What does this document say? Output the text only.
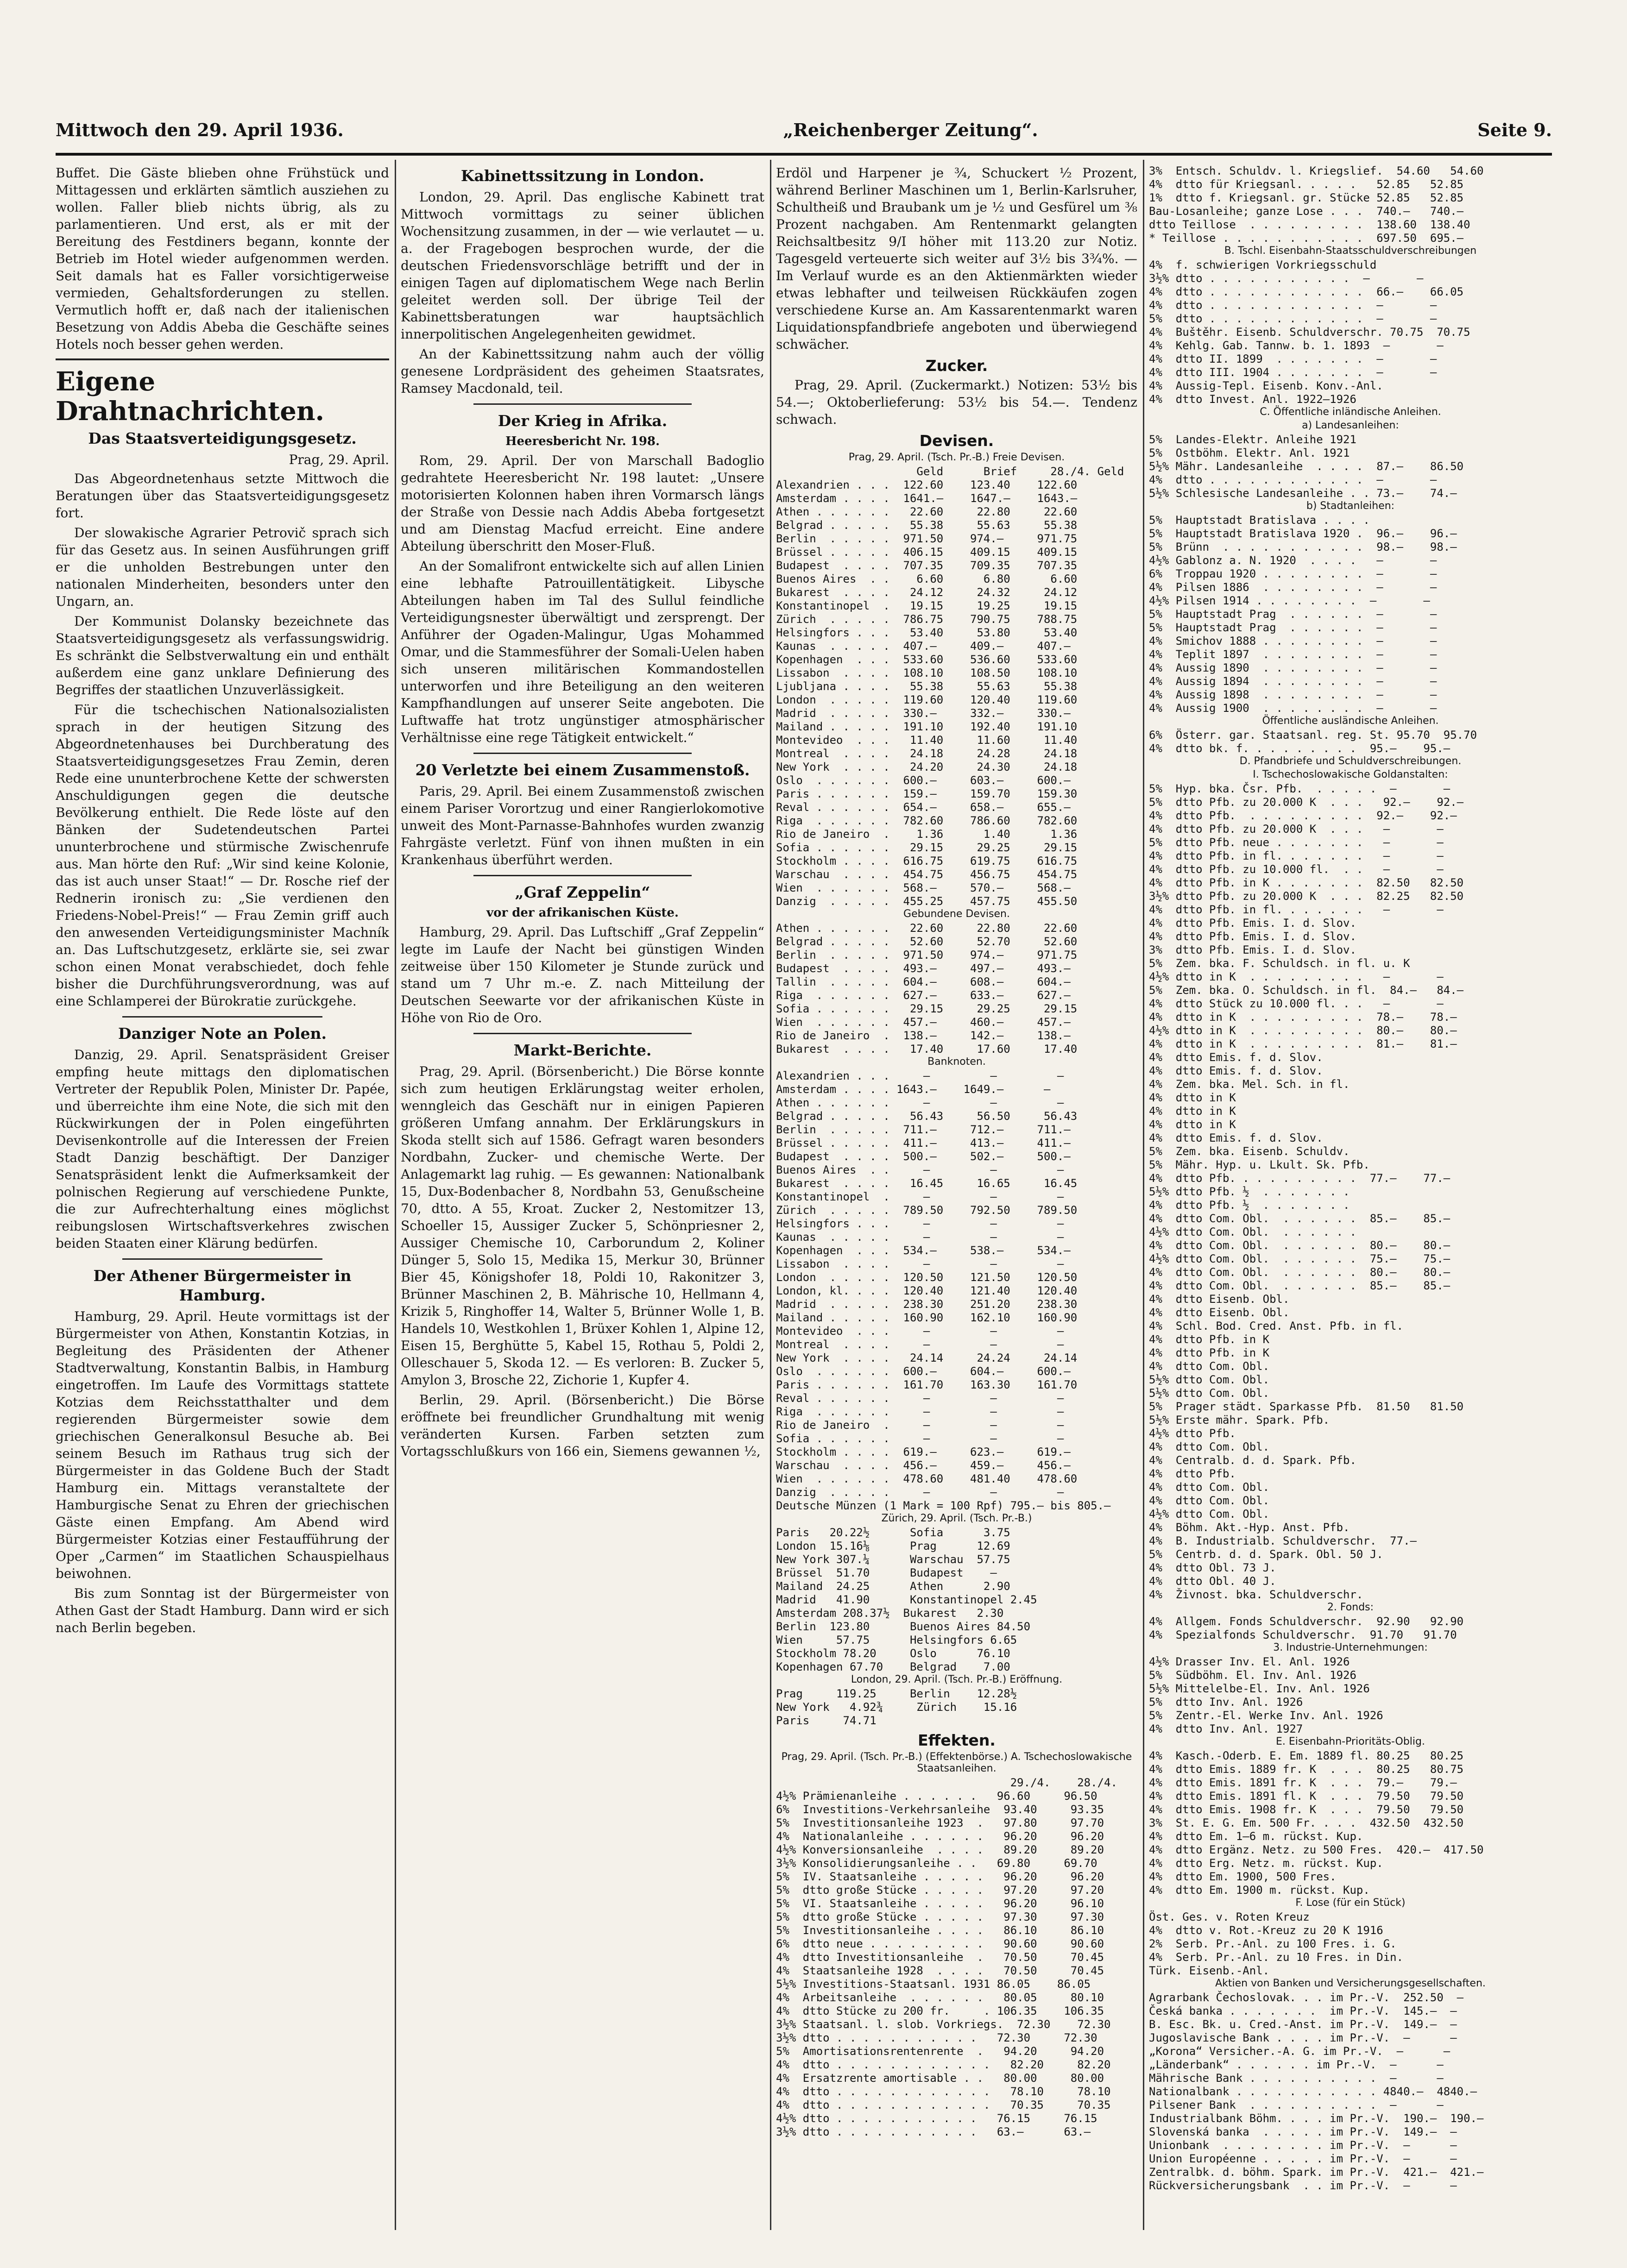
Mittwoch den 29. April 1936.	„Reichenberger Zeitung“.	Seite 9.

Buffet. Die Gäste blieben ohne Frühstück und Mittagessen und erklärten sämtlich ausziehen zu wollen. Faller blieb nichts übrig, als zu parlamentieren. Und erst, als er mit der Bereitung des Festdiners begann, konnte der Betrieb im Hotel wieder aufgenommen werden. Seit damals hat es Faller vorsichtigerweise vermieden, Gehaltsforderungen zu stellen. Vermutlich hofft er, daß nach der italienischen Besetzung von Addis Abeba die Geschäfte seines Hotels noch besser gehen werden.

Eigene Drahtnachrichten.
Das Staatsverteidigungsgesetz.
Prag, 29. April.

Das Abgeordnetenhaus setzte Mittwoch die Beratungen über das Staatsverteidigungsgesetz fort.

Der slowakische Agrarier Petrovič sprach sich für das Gesetz aus. In seinen Ausführungen griff er die unholden Bestrebungen unter den nationalen Minderheiten, besonders unter den Ungarn, an.

Der Kommunist Dolansky bezeichnete das Staatsverteidigungsgesetz als verfassungswidrig. Es schränkt die Selbstverwaltung ein und enthält außerdem eine ganz unklare Definierung des Begriffes der staatlichen Unzuverlässigkeit.

Für die tschechischen Nationalsozialisten sprach in der heutigen Sitzung des Abgeordnetenhauses bei Durchberatung des Staatsverteidigungsgesetzes Frau Zemin, deren Rede eine ununterbrochene Kette der schwersten Anschuldigungen gegen die deutsche Bevölkerung enthielt. Die Rede löste auf den Bänken der Sudetendeutschen Partei ununterbrochene und stürmische Zwischenrufe aus. Man hörte den Ruf: „Wir sind keine Kolonie, das ist auch unser Staat!“ — Dr. Rosche rief der Rednerin ironisch zu: „Sie verdienen den Friedens-Nobel-Preis!“ — Frau Zemin griff auch den anwesenden Verteidigungsminister Machník an. Das Luftschutzgesetz, erklärte sie, sei zwar schon einen Monat verabschiedet, doch fehle bisher die Durchführungsverordnung, was auf eine Schlamperei der Bürokratie zurückgehe.

Danziger Note an Polen.

Danzig, 29. April. Senatspräsident Greiser empfing heute mittags den diplomatischen Vertreter der Republik Polen, Minister Dr. Papée, und überreichte ihm eine Note, die sich mit den Rückwirkungen der in Polen eingeführten Devisenkontrolle auf die Interessen der Freien Stadt Danzig beschäftigt. Der Danziger Senatspräsident lenkt die Aufmerksamkeit der polnischen Regierung auf verschiedene Punkte, die zur Aufrechterhaltung eines möglichst reibungslosen Wirtschaftsverkehres zwischen beiden Staaten einer Klärung bedürfen.

Der Athener Bürgermeister in Hamburg.

Hamburg, 29. April. Heute vormittags ist der Bürgermeister von Athen, Konstantin Kotzias, in Begleitung des Präsidenten der Athener Stadtverwaltung, Konstantin Balbis, in Hamburg eingetroffen. Im Laufe des Vormittags stattete Kotzias dem Reichsstatthalter und dem regierenden Bürgermeister sowie dem griechischen Generalkonsul Besuche ab. Bei seinem Besuch im Rathaus trug sich der Bürgermeister in das Goldene Buch der Stadt Hamburg ein. Mittags veranstaltete der Hamburgische Senat zu Ehren der griechischen Gäste einen Empfang. Am Abend wird Bürgermeister Kotzias einer Festaufführung der Oper „Carmen“ im Staatlichen Schauspielhaus beiwohnen.

Bis zum Sonntag ist der Bürgermeister von Athen Gast der Stadt Hamburg. Dann wird er sich nach Berlin begeben.

Kabinettssitzung in London.

London, 29. April. Das englische Kabinett trat Mittwoch vormittags zu seiner üblichen Wochensitzung zusammen, in der — wie verlautet — u. a. der Fragebogen besprochen wurde, der die deutschen Friedensvorschläge betrifft und der in einigen Tagen auf diplomatischem Wege nach Berlin geleitet werden soll. Der übrige Teil der Kabinettsberatungen war hauptsächlich innerpolitischen Angelegenheiten gewidmet.

An der Kabinettssitzung nahm auch der völlig genesene Lordpräsident des geheimen Staatsrates, Ramsey Macdonald, teil.

Der Krieg in Afrika.
Heeresbericht Nr. 198.

Rom, 29. April. Der von Marschall Badoglio gedrahtete Heeresbericht Nr. 198 lautet: „Unsere motorisierten Kolonnen haben ihren Vormarsch längs der Straße von Dessie nach Addis Abeba fortgesetzt und am Dienstag Macfud erreicht. Eine andere Abteilung überschritt den Moser-Fluß.

An der Somalifront entwickelte sich auf allen Linien eine lebhafte Patrouillentätigkeit. Libysche Abteilungen haben im Tal des Sullul feindliche Verteidigungsnester überwältigt und zersprengt. Der Anführer der Ogaden-Malingur, Ugas Mohammed Omar, und die Stammesführer der Somali-Uelen haben sich unseren militärischen Kommandostellen unterworfen und ihre Beteiligung an den weiteren Kampfhandlungen auf unserer Seite angeboten. Die Luftwaffe hat trotz ungünstiger atmosphärischer Verhältnisse eine rege Tätigkeit entwickelt.“

20 Verletzte bei einem Zusammenstoß.

Paris, 29. April. Bei einem Zusammenstoß zwischen einem Pariser Vorortzug und einer Rangierlokomotive unweit des Mont-Parnasse-Bahnhofes wurden zwanzig Fahrgäste verletzt. Fünf von ihnen mußten in ein Krankenhaus überführt werden.

„Graf Zeppelin“
vor der afrikanischen Küste.

Hamburg, 29. April. Das Luftschiff „Graf Zeppelin“ legte im Laufe der Nacht bei günstigen Winden zeitweise über 150 Kilometer je Stunde zurück und stand um 7 Uhr m.-e. Z. nach Mitteilung der Deutschen Seewarte vor der afrikanischen Küste in Höhe von Rio de Oro.

Markt-Berichte.

Prag, 29. April. (Börsenbericht.) Die Börse konnte sich zum heutigen Erklärungstag weiter erholen, wenngleich das Geschäft nur in einigen Papieren größeren Umfang annahm. Der Erklärungskurs in Skoda stellt sich auf 1586. Gefragt waren besonders Nordbahn, Zucker- und chemische Werte. Der Anlagemarkt lag ruhig. — Es gewannen: Nationalbank 15, Dux-Bodenbacher 8, Nordbahn 53, Genußscheine 70, dtto. A 55, Kroat. Zucker 2, Nestomitzer 13, Schoeller 15, Aussiger Zucker 5, Schönpriesner 2, Aussiger Chemische 10, Carborundum 2, Koliner Dünger 5, Solo 15, Medika 15, Merkur 30, Brünner Bier 45, Königshofer 18, Poldi 10, Rakonitzer 3, Brünner Maschinen 2, B. Mährische 10, Hellmann 4, Krizik 5, Ringhoffer 14, Walter 5, Brünner Wolle 1, B. Handels 10, Westkohlen 1, Brüxer Kohlen 1, Alpine 12, Eisen 15, Berghütte 5, Kabel 15, Rothau 5, Poldi 2, Olleschauer 5, Skoda 12. — Es verloren: B. Zucker 5, Amylon 3, Brosche 22, Zichorie 1, Kupfer 4.

Berlin, 29. April. (Börsenbericht.) Die Börse eröffnete bei freundlicher Grundhaltung mit wenig veränderten Kursen. Farben setzten zum Vortagsschlußkurs von 166 ein, Siemens gewannen ½,

Erdöl und Harpener je ¾, Schuckert ½ Prozent, während Berliner Maschinen um 1, Berlin-Karlsruher, Schultheiß und Braubank um je ½ und Gesfürel um ⅜ Prozent nachgaben. Am Rentenmarkt gelangten Reichsaltbesitz 9/I höher mit 113.20 zur Notiz. Tagesgeld verteuerte sich weiter auf 3½ bis 3¾%. — Im Verlauf wurde es an den Aktienmärkten wieder etwas lebhafter und teilweisen Rückkäufen zogen verschiedene Kurse an. Am Kassarentenmarkt waren Liquidationspfandbriefe angeboten und überwiegend schwächer.

Zucker.

Prag, 29. April. (Zuckermarkt.) Notizen: 53½ bis 54.—; Oktoberlieferung: 53½ bis 54.—. Tendenz schwach.

Devisen.
Prag, 29. April. (Tsch. Pr.-B.) Freie Devisen.
Geld      Brief     28./4. Geld
Alexandrien . . .  122.60    123.40    122.60
Amsterdam . . . .  1641.—    1647.—    1643.—
Athen . . . . . .   22.60     22.80     22.60
Belgrad . . . . .   55.38     55.63     55.38
Berlin  . . . . .  971.50    974.—     971.75
Brüssel . . . . .  406.15    409.15    409.15
Budapest  . . . .  707.35    709.35    707.35
Buenos Aires  . .    6.60      6.80      6.60
Bukarest  . . . .   24.12     24.32     24.12
Konstantinopel  .   19.15     19.25     19.15
Zürich  . . . . .  786.75    790.75    788.75
Helsingfors . . .   53.40     53.80     53.40
Kaunas  . . . . .  407.—     409.—     407.—
Kopenhagen  . . .  533.60    536.60    533.60
Lissabon  . . . .  108.10    108.50    108.10
Ljubljana . . . .   55.38     55.63     55.38
London  . . . . .  119.60    120.40    119.60
Madrid  . . . . .  330.—     332.—     330.—
Mailand . . . . .  191.10    192.40    191.10
Montevideo  . . .   11.40     11.60     11.40
Montreal  . . . .   24.18     24.28     24.18
New York  . . . .   24.20     24.30     24.18
Oslo  . . . . . .  600.—     603.—     600.—
Paris . . . . . .  159.—     159.70    159.30
Reval . . . . . .  654.—     658.—     655.—
Riga  . . . . . .  782.60    786.60    782.60
Rio de Janeiro  .    1.36      1.40      1.36
Sofia . . . . . .   29.15     29.25     29.15
Stockholm . . . .  616.75    619.75    616.75
Warschau  . . . .  454.75    456.75    454.75
Wien  . . . . . .  568.—     570.—     568.—
Danzig  . . . . .  455.25    457.75    455.50
Gebundene Devisen.
Athen . . . . . .   22.60     22.80     22.60
Belgrad . . . . .   52.60     52.70     52.60
Berlin  . . . . .  971.50    974.—     971.75
Budapest  . . . .  493.—     497.—     493.—
Tallin  . . . . .  604.—     608.—     604.—
Riga  . . . . . .  627.—     633.—     627.—
Sofia . . . . . .   29.15     29.25     29.15
Wien  . . . . . .  457.—     460.—     457.—
Rio de Janeiro  .  138.—     142.—     138.—
Bukarest  . . . .   17.40     17.60     17.40
Banknoten.
Alexandrien . . .     —         —         —
Amsterdam . . . . 1643.—    1649.—      —
Athen . . . . . .     —         —         —
Belgrad . . . . .   56.43     56.50     56.43
Berlin  . . . . .  711.—     712.—     711.—
Brüssel . . . . .  411.—     413.—     411.—
Budapest  . . . .  500.—     502.—     500.—
Buenos Aires  . .     —         —         —
Bukarest  . . . .   16.45     16.65     16.45
Konstantinopel  .     —         —         —
Zürich  . . . . .  789.50    792.50    789.50
Helsingfors . . .     —         —         —
Kaunas  . . . . .     —         —         —
Kopenhagen  . . .  534.—     538.—     534.—
Lissabon  . . . .     —         —         —
London  . . . . .  120.50    121.50    120.50
London, kl. . . .  120.40    121.40    120.40
Madrid  . . . . .  238.30    251.20    238.30
Mailand . . . . .  160.90    162.10    160.90
Montevideo  . . .     —         —         —
Montreal  . . . .     —         —         —
New York  . . . .   24.14     24.24     24.14
Oslo  . . . . . .  600.—     604.—     600.—
Paris . . . . . .  161.70    163.30    161.70
Reval . . . . . .     —         —         —
Riga  . . . . . .     —         —         —
Rio de Janeiro  .     —         —         —
Sofia . . . . . .     —         —         —
Stockholm . . . .  619.—     623.—     619.—
Warschau  . . . .  456.—     459.—     456.—
Wien  . . . . . .  478.60    481.40    478.60
Danzig  . . . . .     —         —         —
Deutsche Münzen (1 Mark = 100 Rpf) 795.— bis 805.—
Zürich, 29. April. (Tsch. Pr.-B.)
Paris   20.22½      Sofia      3.75
London  15.16⅛      Prag      12.69
New York 307.¼      Warschau  57.75
Brüssel  51.70      Budapest    —
Mailand  24.25      Athen      2.90
Madrid   41.90      Konstantinopel 2.45
Amsterdam 208.37½  Bukarest   2.30
Berlin  123.80      Buenos Aires 84.50
Wien     57.75      Helsingfors 6.65
Stockholm 78.20     Oslo      76.10
Kopenhagen 67.70    Belgrad    7.00
London, 29. April. (Tsch. Pr.-B.) Eröffnung.
Prag     119.25     Berlin    12.28½
New York   4.92¾     Zürich    15.16
Paris     74.71
Effekten.
Prag, 29. April. (Tsch. Pr.-B.) (Effektenbörse.) A. Tschechoslowakische Staatsanleihen.
29./4.    28./4.
4½% Prämienanleihe . . . . . .   96.60     96.50
6%  Investitions-Verkehrsanleihe  93.40     93.35
5%  Investitionsanleihe 1923  .   97.80     97.70
4%  Nationalanleihe . . . . . .   96.20     96.20
4½% Konversionsanleihe  . . . .   89.20     89.20
3½% Konsolidierungsanleihe . .   69.80     69.70
5%  IV. Staatsanleihe . . . . .   96.20     96.20
5%  dtto große Stücke . . . . .   97.20     97.20
5%  VI. Staatsanleihe . . . . .   96.20     96.10
5%  dtto große Stücke . . . . .   97.30     97.30
5%  Investitionsanleihe . . . .   86.10     86.10
6%  dtto neue . . . . . . . . .   90.60     90.60
4%  dtto Investitionsanleihe  .   70.50     70.45
4%  Staatsanleihe 1928  . . . .   70.50     70.45
5½% Investitions-Staatsanl. 1931 86.05    86.05
4%  Arbeitsanleihe  . . . . . .   80.05     80.10
4%  dtto Stücke zu 200 fr.     . 106.35    106.35
3½% Staatsanl. l. slob. Vorkriegs.  72.30    72.30
3½% dtto . . . . . . . . . . .   72.30     72.30
5%  Amortisationsrentenrente  .   94.20     94.20
4%  dtto . . . . . . . . . . . .   82.20     82.20
4%  Ersatzrente amortisable . .   80.00     80.00
4%  dtto . . . . . . . . . . . .   78.10     78.10
4%  dtto . . . . . . . . . . . .   70.35     70.35
4½% dtto . . . . . . . . . . .   76.15     76.15
3½% dtto . . . . . . . . . . .   63.—      63.—
3%  Entsch. Schuldv. l. Kriegslief.  54.60   54.60
4%  dtto für Kriegsanl. . . . .   52.85   52.85
1%  dtto f. Kriegsanl. gr. Stücke 52.85   52.85
Bau-Losanleihe; ganze Lose . . .  740.—   740.—
dtto Teillose  . . . . . . . . .  138.60  138.40
* Teillose . . . . . . . . . . .  697.50  695.—
B. Tschl. Eisenbahn-Staatsschuldverschreibungen
4%  f. schwierigen Vorkriegsschuld
3½% dtto . . . . . . . . . . .  —       —
4%  dtto . . . . . . . . . . . .  66.—    66.05
4%  dtto . . . . . . . . . . . .  —       —
5%  dtto . . . . . . . . . . . .  —       —
4%  Buštěhr. Eisenb. Schuldverschr. 70.75  70.75
4%  Kehlg. Gab. Tannw. b. 1. 1893  —       —
4%  dtto II. 1899  . . . . . . .  —       —
4%  dtto III. 1904 . . . . . . .  —       —
4%  Aussig-Tepl. Eisenb. Konv.-Anl.
4%  dtto Invest. Anl. 1922—1926
C. Öffentliche inländische Anleihen.
a) Landesanleihen:
5%  Landes-Elektr. Anleihe 1921
5%  Ostböhm. Elektr. Anl. 1921
5½% Mähr. Landesanleihe  . . . .  87.—    86.50
4%  dtto . . . . . . . . . . . .  —       —
5½% Schlesische Landesanleihe . . 73.—    74.—
b) Stadtanleihen:
5%  Hauptstadt Bratislava . . . .
5%  Hauptstadt Bratislava 1920 .  96.—    96.—
5%  Brünn  . . . . . . . . . . .  98.—    98.—
4½% Gablonz a. N. 1920  . . . .   —       —
6%  Troppau 1920 . . . . . . . .  —       —
4%  Pilsen 1886  . . . . . . . .  —       —
4½% Pilsen 1914 . . . . . . . .  —       —
5%  Hauptstadt Prag  . . . . . .  —       —
5%  Hauptstadt Prag  . . . . . .  —       —
4%  Smichov 1888 . . . . . . . .  —       —
4%  Teplit 1897  . . . . . . . .  —       —
4%  Aussig 1890  . . . . . . . .  —       —
4%  Aussig 1894  . . . . . . . .  —       —
4%  Aussig 1898  . . . . . . . .  —       —
4%  Aussig 1900  . . . . . . . .  —       —
Öffentliche ausländische Anleihen.
6%  Österr. gar. Staatsanl. reg. St. 95.70  95.70
4%  dtto bk. f. . . . . . . . .  95.—    95.—
D. Pfandbriefe und Schuldverschreibungen.
I. Tschechoslowakische Goldanstalten:
5%  Hyp. bka. Čsr. Pfb.  . . . . .  —       —
5%  dtto Pfb. zu 20.000 K  . . .   92.—    92.—
4%  dtto Pfb.  . . . . . . . . .  92.—    92.—
4%  dtto Pfb. zu 20.000 K  . . .   —       —
5%  dtto Pfb. neue . . . . . . .   —       —
4%  dtto Pfb. in fl. . . . . . .   —       —
4%  dtto Pfb. zu 10.000 fl.  . .   —       —
4%  dtto Pfb. in K . . . . . . .  82.50   82.50
3½% dtto Pfb. zu 20.000 K  . . .  82.25   82.50
4%  dtto Pfb. in fl. . . . . . .   —       —
4%  dtto Pfb. Emis. I. d. Slov.
4%  dtto Pfb. Emis. I. d. Slov.
3%  dtto Pfb. Emis. I. d. Slov.
5%  Zem. bka. F. Schuldsch. in fl. u. K
4½% dtto in K  . . . . . . . . .   —       —
5%  Zem. bka. O. Schuldsch. in fl.  84.—   84.—
4%  dtto Stück zu 10.000 fl. . .   —       —
4%  dtto in K  . . . . . . . . .  78.—    78.—
4½% dtto in K  . . . . . . . . .  80.—    80.—
4%  dtto in K  . . . . . . . . .  81.—    81.—
4%  dtto Emis. f. d. Slov.
4%  dtto Emis. f. d. Slov.
4%  Zem. bka. Mel. Sch. in fl.
4%  dtto in K
4%  dtto in K
4%  dtto in K
4%  dtto Emis. f. d. Slov.
5%  Zem. bka. Eisenb. Schuldv.
5%  Mähr. Hyp. u. Lkult. Sk. Pfb.
4%  dtto Pfb. . . . . . . . . .  77.—    77.—
5½% dtto Pfb. ½  . . . . . . .
4%  dtto Pfb. ½  . . . . . . .
4%  dtto Com. Obl.  . . . . . .  85.—    85.—
4½% dtto Com. Obl.  . . . . . .
4%  dtto Com. Obl.  . . . . . .  80.—    80.—
4½% dtto Com. Obl.  . . . . . .  75.—    75.—
4%  dtto Com. Obl.  . . . . . .  80.—    80.—
4%  dtto Com. Obl.  . . . . . .  85.—    85.—
4%  dtto Eisenb. Obl.
4%  dtto Eisenb. Obl.
4%  Schl. Bod. Cred. Anst. Pfb. in fl.
4%  dtto Pfb. in K
4%  dtto Pfb. in K
4%  dtto Com. Obl.
5½% dtto Com. Obl.
5½% dtto Com. Obl.
5%  Prager städt. Sparkasse Pfb.  81.50   81.50
5½% Erste mähr. Spark. Pfb.
4½% dtto Pfb.
4%  dtto Com. Obl.
4%  Centralb. d. d. Spark. Pfb.
4%  dtto Pfb.
4%  dtto Com. Obl.
4%  dtto Com. Obl.
4½% dtto Com. Obl.
4%  Böhm. Akt.-Hyp. Anst. Pfb.
4%  B. Industrialb. Schuldverschr.  77.—
5%  Centrb. d. d. Spark. Obl. 50 J.
4%  dtto Obl. 73 J.
4%  dtto Obl. 40 J.
4%  Živnost. bka. Schuldverschr.
2. Fonds:
4%  Allgem. Fonds Schuldverschr.  92.90   92.90
4%  Spezialfonds Schuldverschr.  91.70   91.70
3. Industrie-Unternehmungen:
4½% Drasser Inv. El. Anl. 1926
5%  Südböhm. El. Inv. Anl. 1926
5½% Mittelelbe-El. Inv. Anl. 1926
5%  dtto Inv. Anl. 1926
5%  Zentr.-El. Werke Inv. Anl. 1926
4%  dtto Inv. Anl. 1927
E. Eisenbahn-Prioritäts-Oblig.
4%  Kasch.-Oderb. E. Em. 1889 fl. 80.25   80.25
4%  dtto Emis. 1889 fr. K  . . .  80.25   80.75
4%  dtto Emis. 1891 fr. K  . . .  79.—    79.—
4%  dtto Emis. 1891 fl. K  . . .  79.50   79.50
4%  dtto Emis. 1908 fr. K  . . .  79.50   79.50
3%  St. E. G. Em. 500 Fr. . . .  432.50  432.50
4%  dtto Em. 1—6 m. rückst. Kup.
4%  dtto Ergänz. Netz. zu 500 Fres.  420.—  417.50
4%  dtto Erg. Netz. m. rückst. Kup.
4%  dtto Em. 1900, 500 Fres.
4%  dtto Em. 1900 m. rückst. Kup.
F. Lose (für ein Stück)
Öst. Ges. v. Roten Kreuz
4%  dtto v. Rot.-Kreuz zu 20 K 1916
2%  Serb. Pr.-Anl. zu 100 Fres. i. G.
4%  Serb. Pr.-Anl. zu 10 Fres. in Din.
Türk. Eisenb.-Anl.
Aktien von Banken und Versicherungsgesellschaften.
Agrarbank Čechoslovak. . . im Pr.-V.  252.50  —
Česká banka . . . . . . .  im Pr.-V.  145.—  —
B. Esc. Bk. u. Cred.-Anst. im Pr.-V.  149.—  —
Jugoslavische Bank . . . . im Pr.-V.  —      —
„Korona“ Versicher.-A. G. im Pr.-V.  —      —
„Länderbank“ . . . . . . im Pr.-V.  —      —
Mährische Bank . . . . . . . . . .  —      —
Nationalbank . . . . . . . . . . . 4840.—  4840.—
Pilsener Bank  . . . . . . . . . .  —      —
Industrialbank Böhm. . . . im Pr.-V.  190.—  190.—
Slovenská banka  . . . . . im Pr.-V.  149.—  —
Unionbank  . . . . . . . . im Pr.-V.  —      —
Union Européenne . . . . . im Pr.-V.  —      —
Zentralbk. d. böhm. Spark. im Pr.-V.  421.—  421.—
Rückversicherungsbank  . . im Pr.-V.  —      —
